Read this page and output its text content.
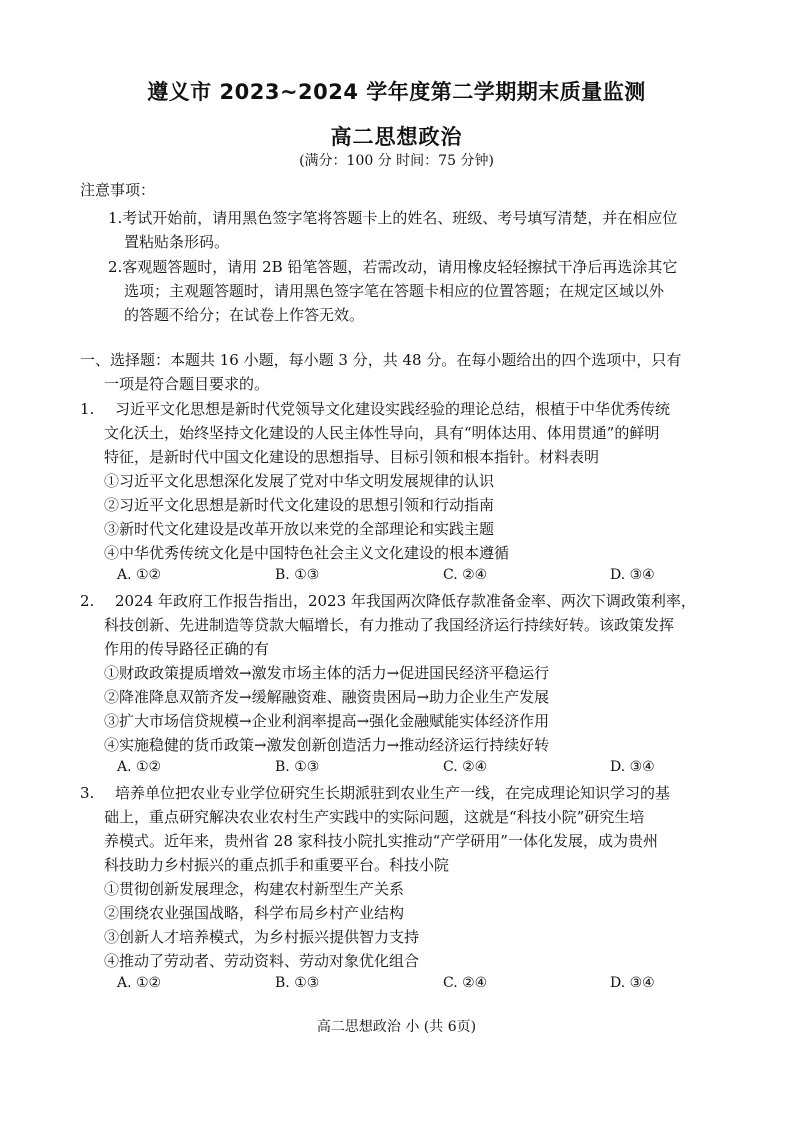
遵义市 2023~2024 学年度第二学期期末质量监测
高二思想政治
(满分：100 分 时间：75 分钟)
注意事项：
1.考试开始前，请用黑色签字笔将答题卡上的姓名、班级、考号填写清楚，并在相应位
置粘贴条形码。
2.客观题答题时，请用 2B 铅笔答题，若需改动，请用橡皮轻轻擦拭干净后再选涂其它
选项；主观题答题时，请用黑色签字笔在答题卡相应的位置答题；在规定区域以外
的答题不给分；在试卷上作答无效。
一、选择题：本题共 16 小题，每小题 3 分，共 48 分。在每小题给出的四个选项中，只有
一项是符合题目要求的。
1. 习近平文化思想是新时代党领导文化建设实践经验的理论总结，根植于中华优秀传统
文化沃土，始终坚持文化建设的人民主体性导向，具有“明体达用、体用贯通”的鲜明
特征，是新时代中国文化建设的思想指导、目标引领和根本指针。材料表明
①习近平文化思想深化发展了党对中华文明发展规律的认识
②习近平文化思想是新时代文化建设的思想引领和行动指南
③新时代文化建设是改革开放以来党的全部理论和实践主题
④中华优秀传统文化是中国特色社会主义文化建设的根本遵循
A. ①②	B. ①③	C. ②④	D. ③④
2. 2024 年政府工作报告指出，2023 年我国两次降低存款准备金率、两次下调政策利率，
科技创新、先进制造等贷款大幅增长，有力推动了我国经济运行持续好转。该政策发挥
作用的传导路径正确的有
①财政政策提质增效→激发市场主体的活力→促进国民经济平稳运行
②降准降息双箭齐发→缓解融资难、融资贵困局→助力企业生产发展
③扩大市场信贷规模→企业利润率提高→强化金融赋能实体经济作用
④实施稳健的货币政策→激发创新创造活力→推动经济运行持续好转
A. ①②	B. ①③	C. ②④	D. ③④
3. 培养单位把农业专业学位研究生长期派驻到农业生产一线，在完成理论知识学习的基
础上，重点研究解决农业农村生产实践中的实际问题，这就是“科技小院”研究生培
养模式。近年来，贵州省 28 家科技小院扎实推动“产学研用”一体化发展，成为贵州
科技助力乡村振兴的重点抓手和重要平台。科技小院
①贯彻创新发展理念，构建农村新型生产关系
②围绕农业强国战略，科学布局乡村产业结构
③创新人才培养模式，为乡村振兴提供智力支持
④推动了劳动者、劳动资料、劳动对象优化组合
A. ①②	B. ①③	C. ②④	D. ③④
高二思想政治 小 (共 6页)
